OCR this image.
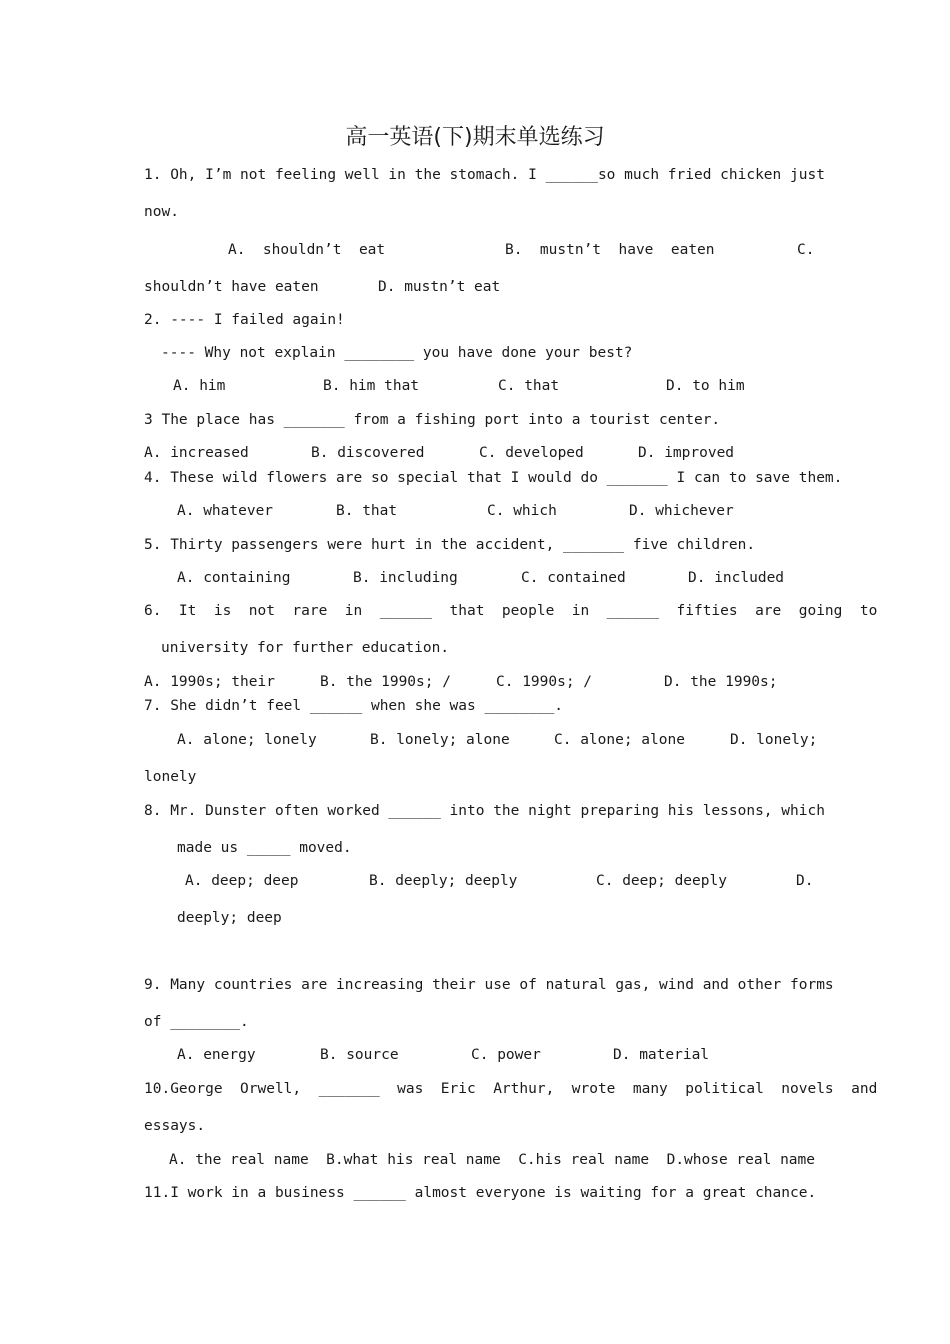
高一英语(下)期末单选练习
1. Oh, I’m not feeling well in the stomach. I ______so much fried chicken just
now.
A.  shouldn’t  eat	B.  mustn’t  have  eaten	C.
shouldn’t have eaten	D. mustn’t eat
2. ---- I failed again!
---- Why not explain ________ you have done your best?
A. him	B. him that	C. that	D. to him
3 The place has _______ from a fishing port into a tourist center.
A. increased	B. discovered	C. developed	D. improved
4. These wild flowers are so special that I would do _______ I can to save them.
A. whatever	B. that	C. which	D. whichever
5. Thirty passengers were hurt in the accident, _______ five children.
A. containing	B. including	C. contained	D. included
6.  It  is  not  rare  in  ______  that  people  in  ______  fifties  are  going  to
university for further education.
A. 1990s; their	B. the 1990s; /	C. 1990s; /	D. the 1990s;
7. She didn’t feel ______ when she was ________.
A. alone; lonely	B. lonely; alone	C. alone; alone	D. lonely;
lonely
8. Mr. Dunster often worked ______ into the night preparing his lessons, which
made us _____ moved.
A. deep; deep	B. deeply; deeply	C. deep; deeply	D.
deeply; deep
9. Many countries are increasing their use of natural gas, wind and other forms
of ________.
A. energy	B. source	C. power	D. material
10.George  Orwell,  _______  was  Eric  Arthur,  wrote  many  political  novels  and
essays.
A. the real name  B.what his real name  C.his real name  D.whose real name
11.I work in a business ______ almost everyone is waiting for a great chance.
